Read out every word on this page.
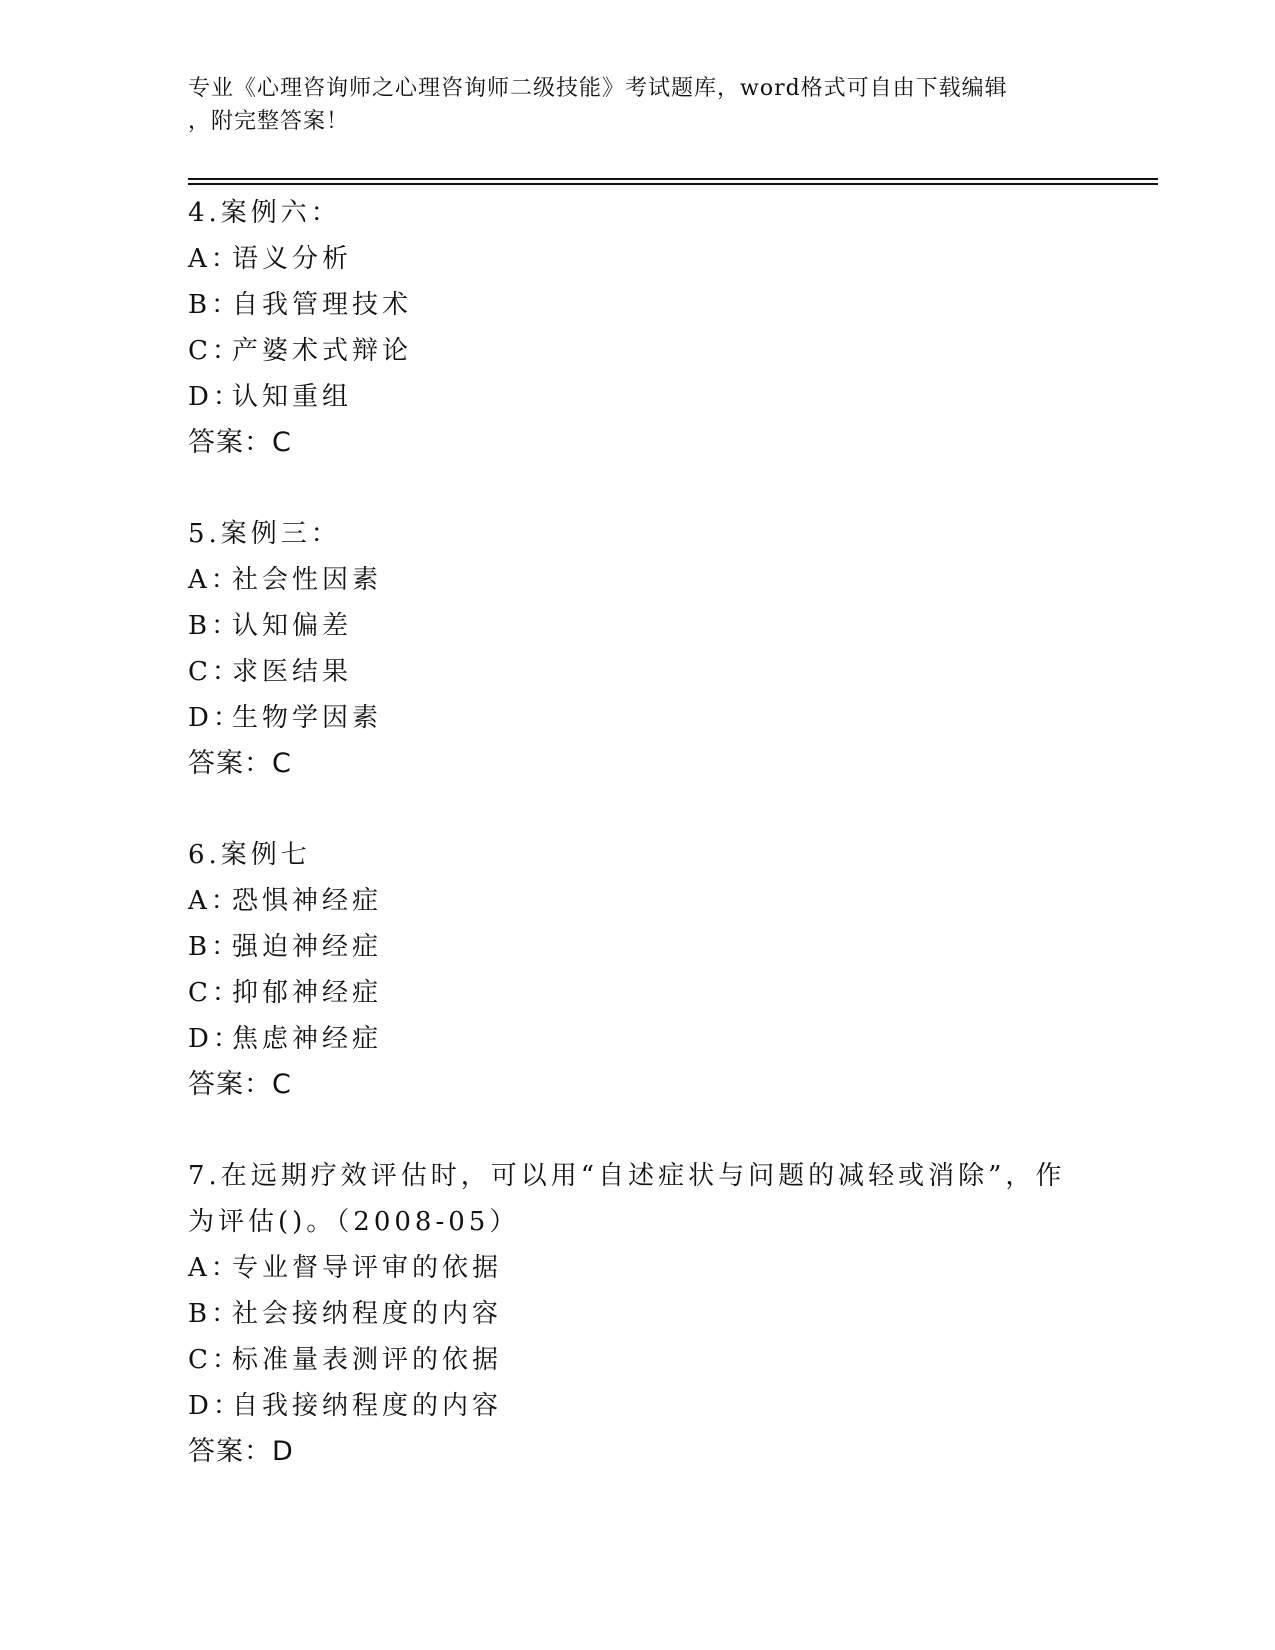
专业《心理咨询师之心理咨询师二级技能》考试题库，word格式可自由下载编辑
，附完整答案！
4.案例六：
A：语义分析
B：自我管理技术
C：产婆术式辩论
D：认知重组
答案：C
5.案例三：
A：社会性因素
B：认知偏差
C：求医结果
D：生物学因素
答案：C
6.案例七
A：恐惧神经症
B：强迫神经症
C：抑郁神经症
D：焦虑神经症
答案：C
7.在远期疗效评估时，可以用“自述症状与问题的减轻或消除”，作为评估()。（2008-05）
A：专业督导评审的依据
B：社会接纳程度的内容
C：标准量表测评的依据
D：自我接纳程度的内容
答案：D
